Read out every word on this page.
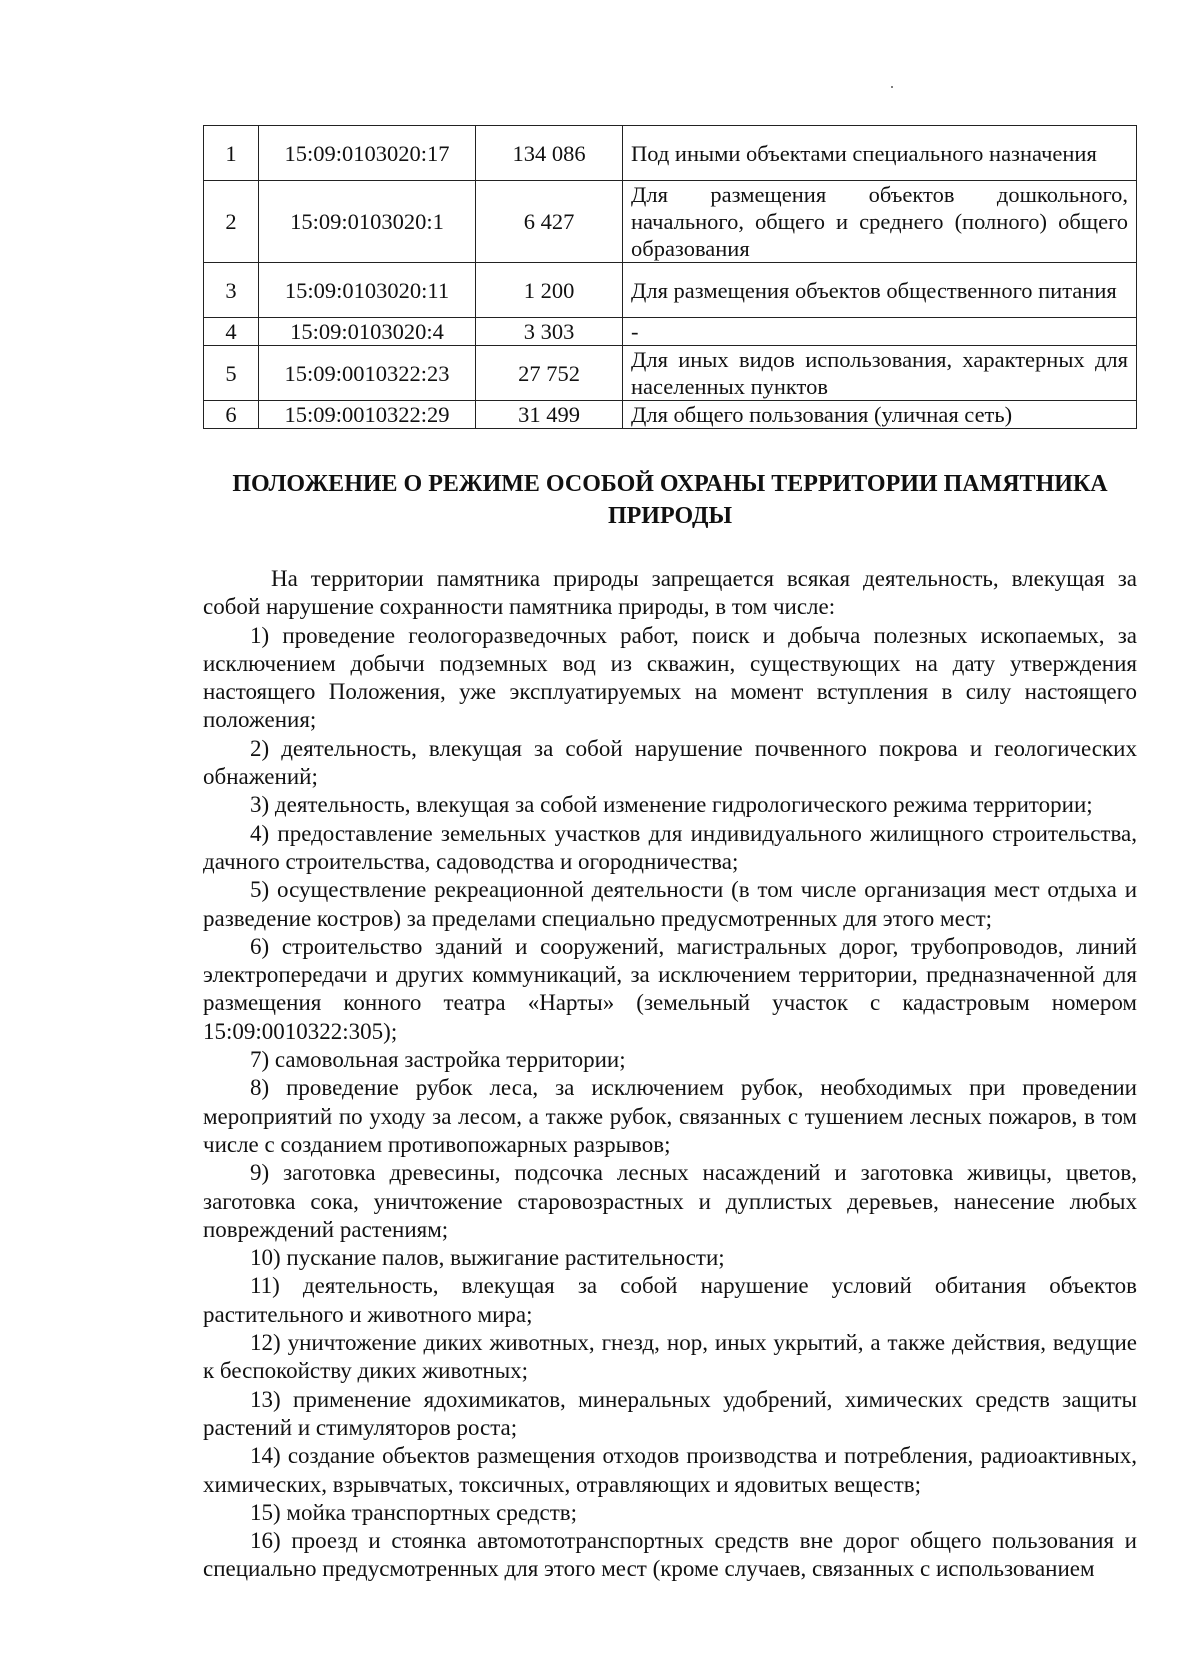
1	15:09:0103020:17	134 086	Под иными объектами специального назначения
2	15:09:0103020:1	6 427	Для размещения объектов дошкольного, начального, общего и среднего (полного) общего образования
3	15:09:0103020:11	1 200	Для размещения объектов общественного питания
4	15:09:0103020:4	3 303	-
5	15:09:0010322:23	27 752	Для иных видов использования, характерных для населенных пунктов
6	15:09:0010322:29	31 499	Для общего пользования (уличная сеть)
ПОЛОЖЕНИЕ О РЕЖИМЕ ОСОБОЙ ОХРАНЫ ТЕРРИТОРИИ ПАМЯТНИКА ПРИРОДЫ

На территории памятника природы запрещается всякая деятельность, влекущая за собой нарушение сохранности памятника природы, в том числе:

1) проведение геологоразведочных работ, поиск и добыча полезных ископаемых, за исключением добычи подземных вод из скважин, существующих на дату утверждения настоящего Положения, уже эксплуатируемых на момент вступления в силу настоящего положения;

2) деятельность, влекущая за собой нарушение почвенного покрова и геологических обнажений;

3) деятельность, влекущая за собой изменение гидрологического режима территории;

4) предоставление земельных участков для индивидуального жилищного строительства, дачного строительства, садоводства и огородничества;

5) осуществление рекреационной деятельности (в том числе организация мест отдыха и разведение костров) за пределами специально предусмотренных для этого мест;

6) строительство зданий и сооружений, магистральных дорог, трубопроводов, линий электропередачи и других коммуникаций, за исключением территории, предназначенной для размещения конного театра «Нарты» (земельный участок с кадастровым номером 15:09:0010322:305);

7) самовольная застройка территории;

8) проведение рубок леса, за исключением рубок, необходимых при проведении мероприятий по уходу за лесом, а также рубок, связанных с тушением лесных пожаров, в том числе с созданием противопожарных разрывов;

9) заготовка древесины, подсочка лесных насаждений и заготовка живицы, цветов, заготовка сока, уничтожение старовозрастных и дуплистых деревьев, нанесение любых повреждений растениям;

10) пускание палов, выжигание растительности;

11) деятельность, влекущая за собой нарушение условий обитания объектов растительного и животного мира;

12) уничтожение диких животных, гнезд, нор, иных укрытий, а также действия, ведущие к беспокойству диких животных;

13) применение ядохимикатов, минеральных удобрений, химических средств защиты растений и стимуляторов роста;

14) создание объектов размещения отходов производства и потребления, радиоактивных, химических, взрывчатых, токсичных, отравляющих и ядовитых веществ;

15) мойка транспортных средств;

16) проезд и стоянка автомототранспортных средств вне дорог общего пользования и специально предусмотренных для этого мест (кроме случаев, связанных с использованием
